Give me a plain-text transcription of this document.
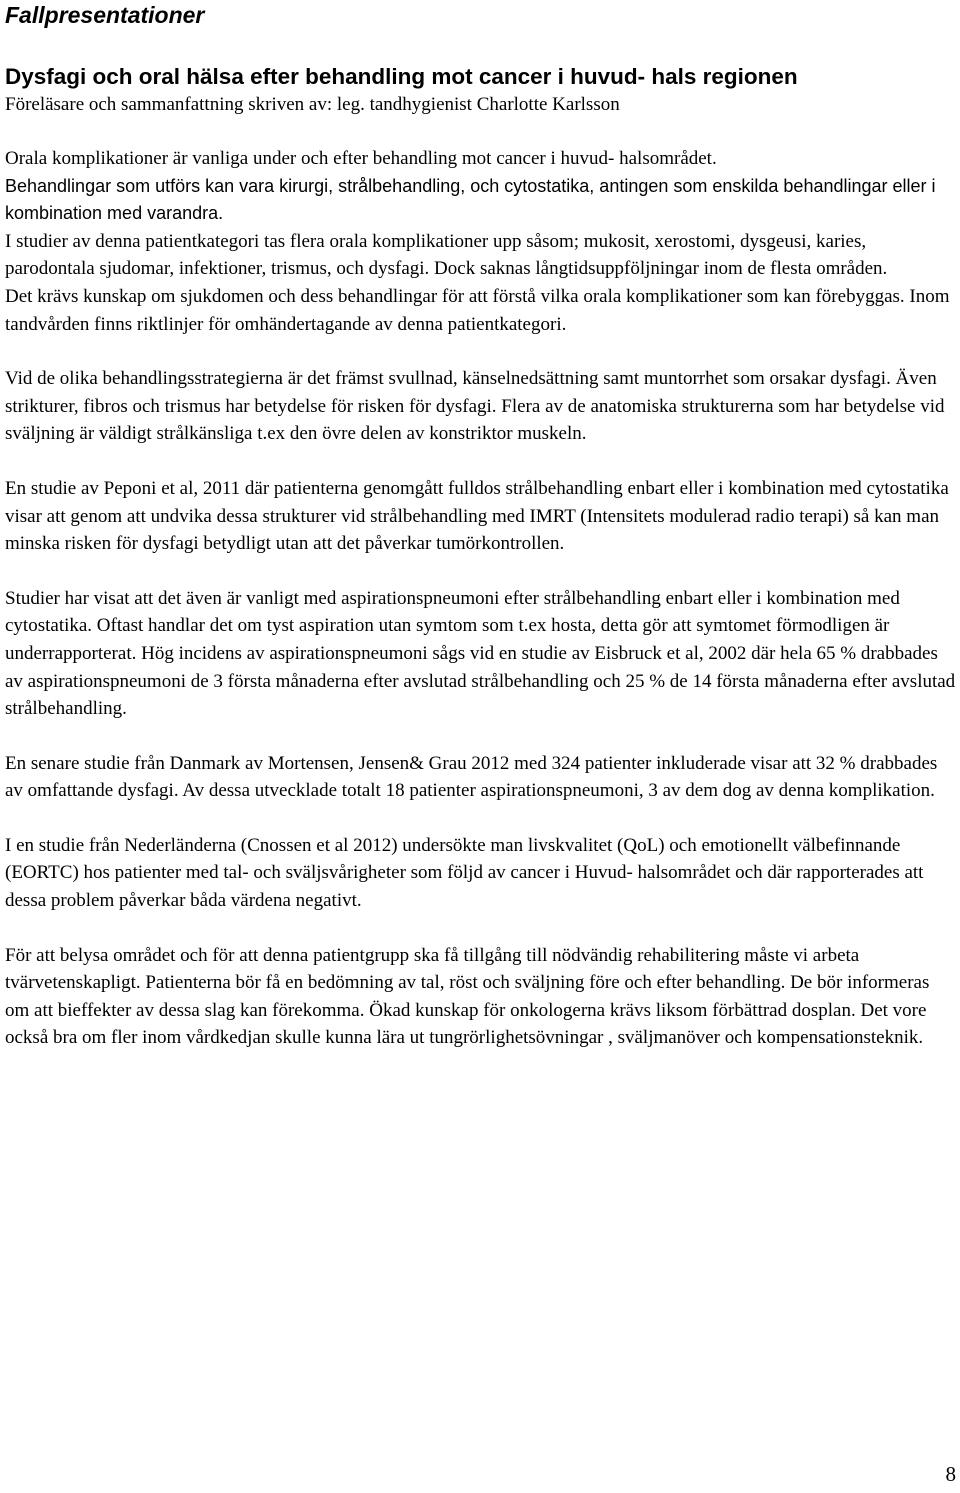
Fallpresentationer
Dysfagi och oral hälsa efter behandling mot cancer i huvud- hals regionen
Föreläsare och sammanfattning skriven av: leg. tandhygienist Charlotte Karlsson
Orala komplikationer är vanliga under och efter behandling mot cancer i huvud- halsområdet.
Behandlingar som utförs kan vara kirurgi, strålbehandling, och cytostatika, antingen som enskilda behandlingar eller i kombination med varandra.
I studier av denna patientkategori tas flera orala komplikationer upp såsom; mukosit, xerostomi, dysgeusi, karies, parodontala sjudomar, infektioner, trismus, och dysfagi. Dock saknas långtidsuppföljningar inom de flesta områden.
Det krävs kunskap om sjukdomen och dess behandlingar för att förstå vilka orala komplikationer som kan förebyggas. Inom tandvården finns riktlinjer för omhändertagande av denna patientkategori.
Vid de olika behandlingsstrategierna är det främst svullnad, känselnedsättning samt muntorrhet som orsakar dysfagi. Även strikturer, fibros och trismus har betydelse för risken för dysfagi. Flera av de anatomiska strukturerna som har betydelse vid sväljning är väldigt strålkänsliga t.ex den övre delen av konstriktor muskeln.
En studie av Peponi et al, 2011 där patienterna genomgått fulldos strålbehandling enbart eller i kombination med cytostatika visar att genom att undvika dessa strukturer vid strålbehandling med IMRT (Intensitets modulerad radio terapi) så kan man minska risken för dysfagi betydligt utan att det påverkar tumörkontrollen.
Studier har visat att det även är vanligt med aspirationspneumoni efter strålbehandling enbart eller i kombination med cytostatika. Oftast handlar det om tyst aspiration utan symtom som t.ex hosta, detta gör att symtomet förmodligen är underrapporterat. Hög incidens av aspirationspneumoni sågs vid en studie av Eisbruck et al, 2002 där hela 65 % drabbades av aspirationspneumoni de 3 första månaderna efter avslutad strålbehandling och 25 % de 14 första månaderna efter avslutad strålbehandling.
En senare studie från Danmark av Mortensen, Jensen& Grau 2012 med 324 patienter inkluderade visar att 32 % drabbades av omfattande dysfagi. Av dessa utvecklade totalt 18 patienter aspirationspneumoni, 3 av dem dog av denna komplikation.
I en studie från Nederländerna (Cnossen et al 2012) undersökte man livskvalitet (QoL) och emotionellt välbefinnande (EORTC) hos patienter med tal- och sväljsvårigheter som följd av cancer i Huvud- halsområdet och där rapporterades att dessa problem påverkar båda värdena negativt.
För att belysa området och för att denna patientgrupp ska få tillgång till nödvändig rehabilitering måste vi arbeta tvärvetenskapligt. Patienterna bör få en bedömning av tal, röst och sväljning före och efter behandling. De bör informeras om att bieffekter av dessa slag kan förekomma. Ökad kunskap för onkologerna krävs liksom förbättrad dosplan. Det vore också bra om fler inom vårdkedjan skulle kunna lära ut tungrörlighetsövningar , sväljmanöver och kompensationsteknik.
8
